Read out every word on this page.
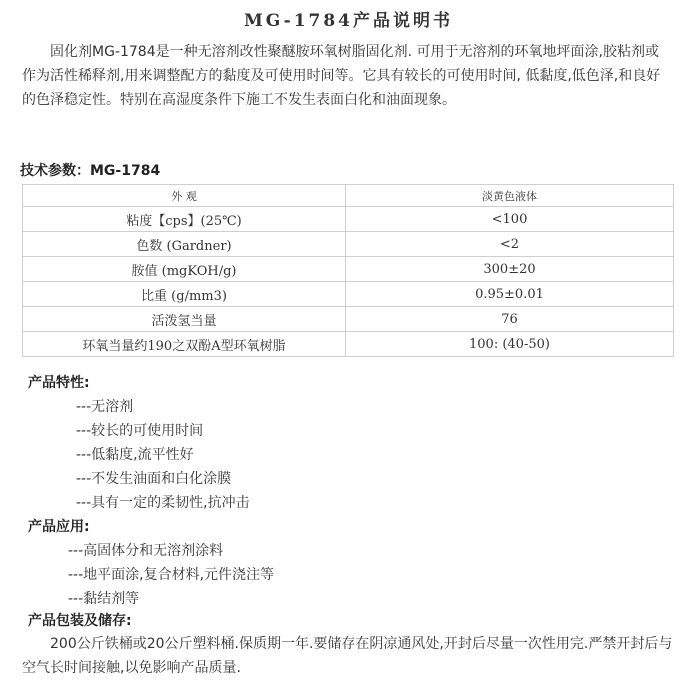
MG-1784产品说明书

固化剂MG-1784是一种无溶剂改性聚醚胺环氧树脂固化剂. 可用于无溶剂的环氧地坪面涂,胶粘剂或作为活性稀释剂,用来调整配方的黏度及可使用时间等。它具有较长的可使用时间, 低黏度,低色泽,和良好的色泽稳定性。特别在高湿度条件下施工不发生表面白化和油面现象。

技术参数：MG-1784
外 观	淡黄色液体
粘度【cps】(25℃)	<100
色数 (Gardner)	<2
胺值 (mgKOH/g)	300±20
比重 (g/mm3)	0.95±0.01
活泼氢当量	76
环氧当量约190之双酚A型环氧树脂	100: (40-50)
产品特性:
---无溶剂
---较长的可使用时间
---低黏度,流平性好
---不发生油面和白化涂膜
---具有一定的柔韧性,抗冲击
产品应用:
---高固体分和无溶剂涂料
---地平面涂,复合材料,元件浇注等
---黏结剂等
产品包装及储存:

200公斤铁桶或20公斤塑料桶.保质期一年.要储存在阴凉通风处,开封后尽量一次性用完.严禁开封后与空气长时间接触,以免影响产品质量.
